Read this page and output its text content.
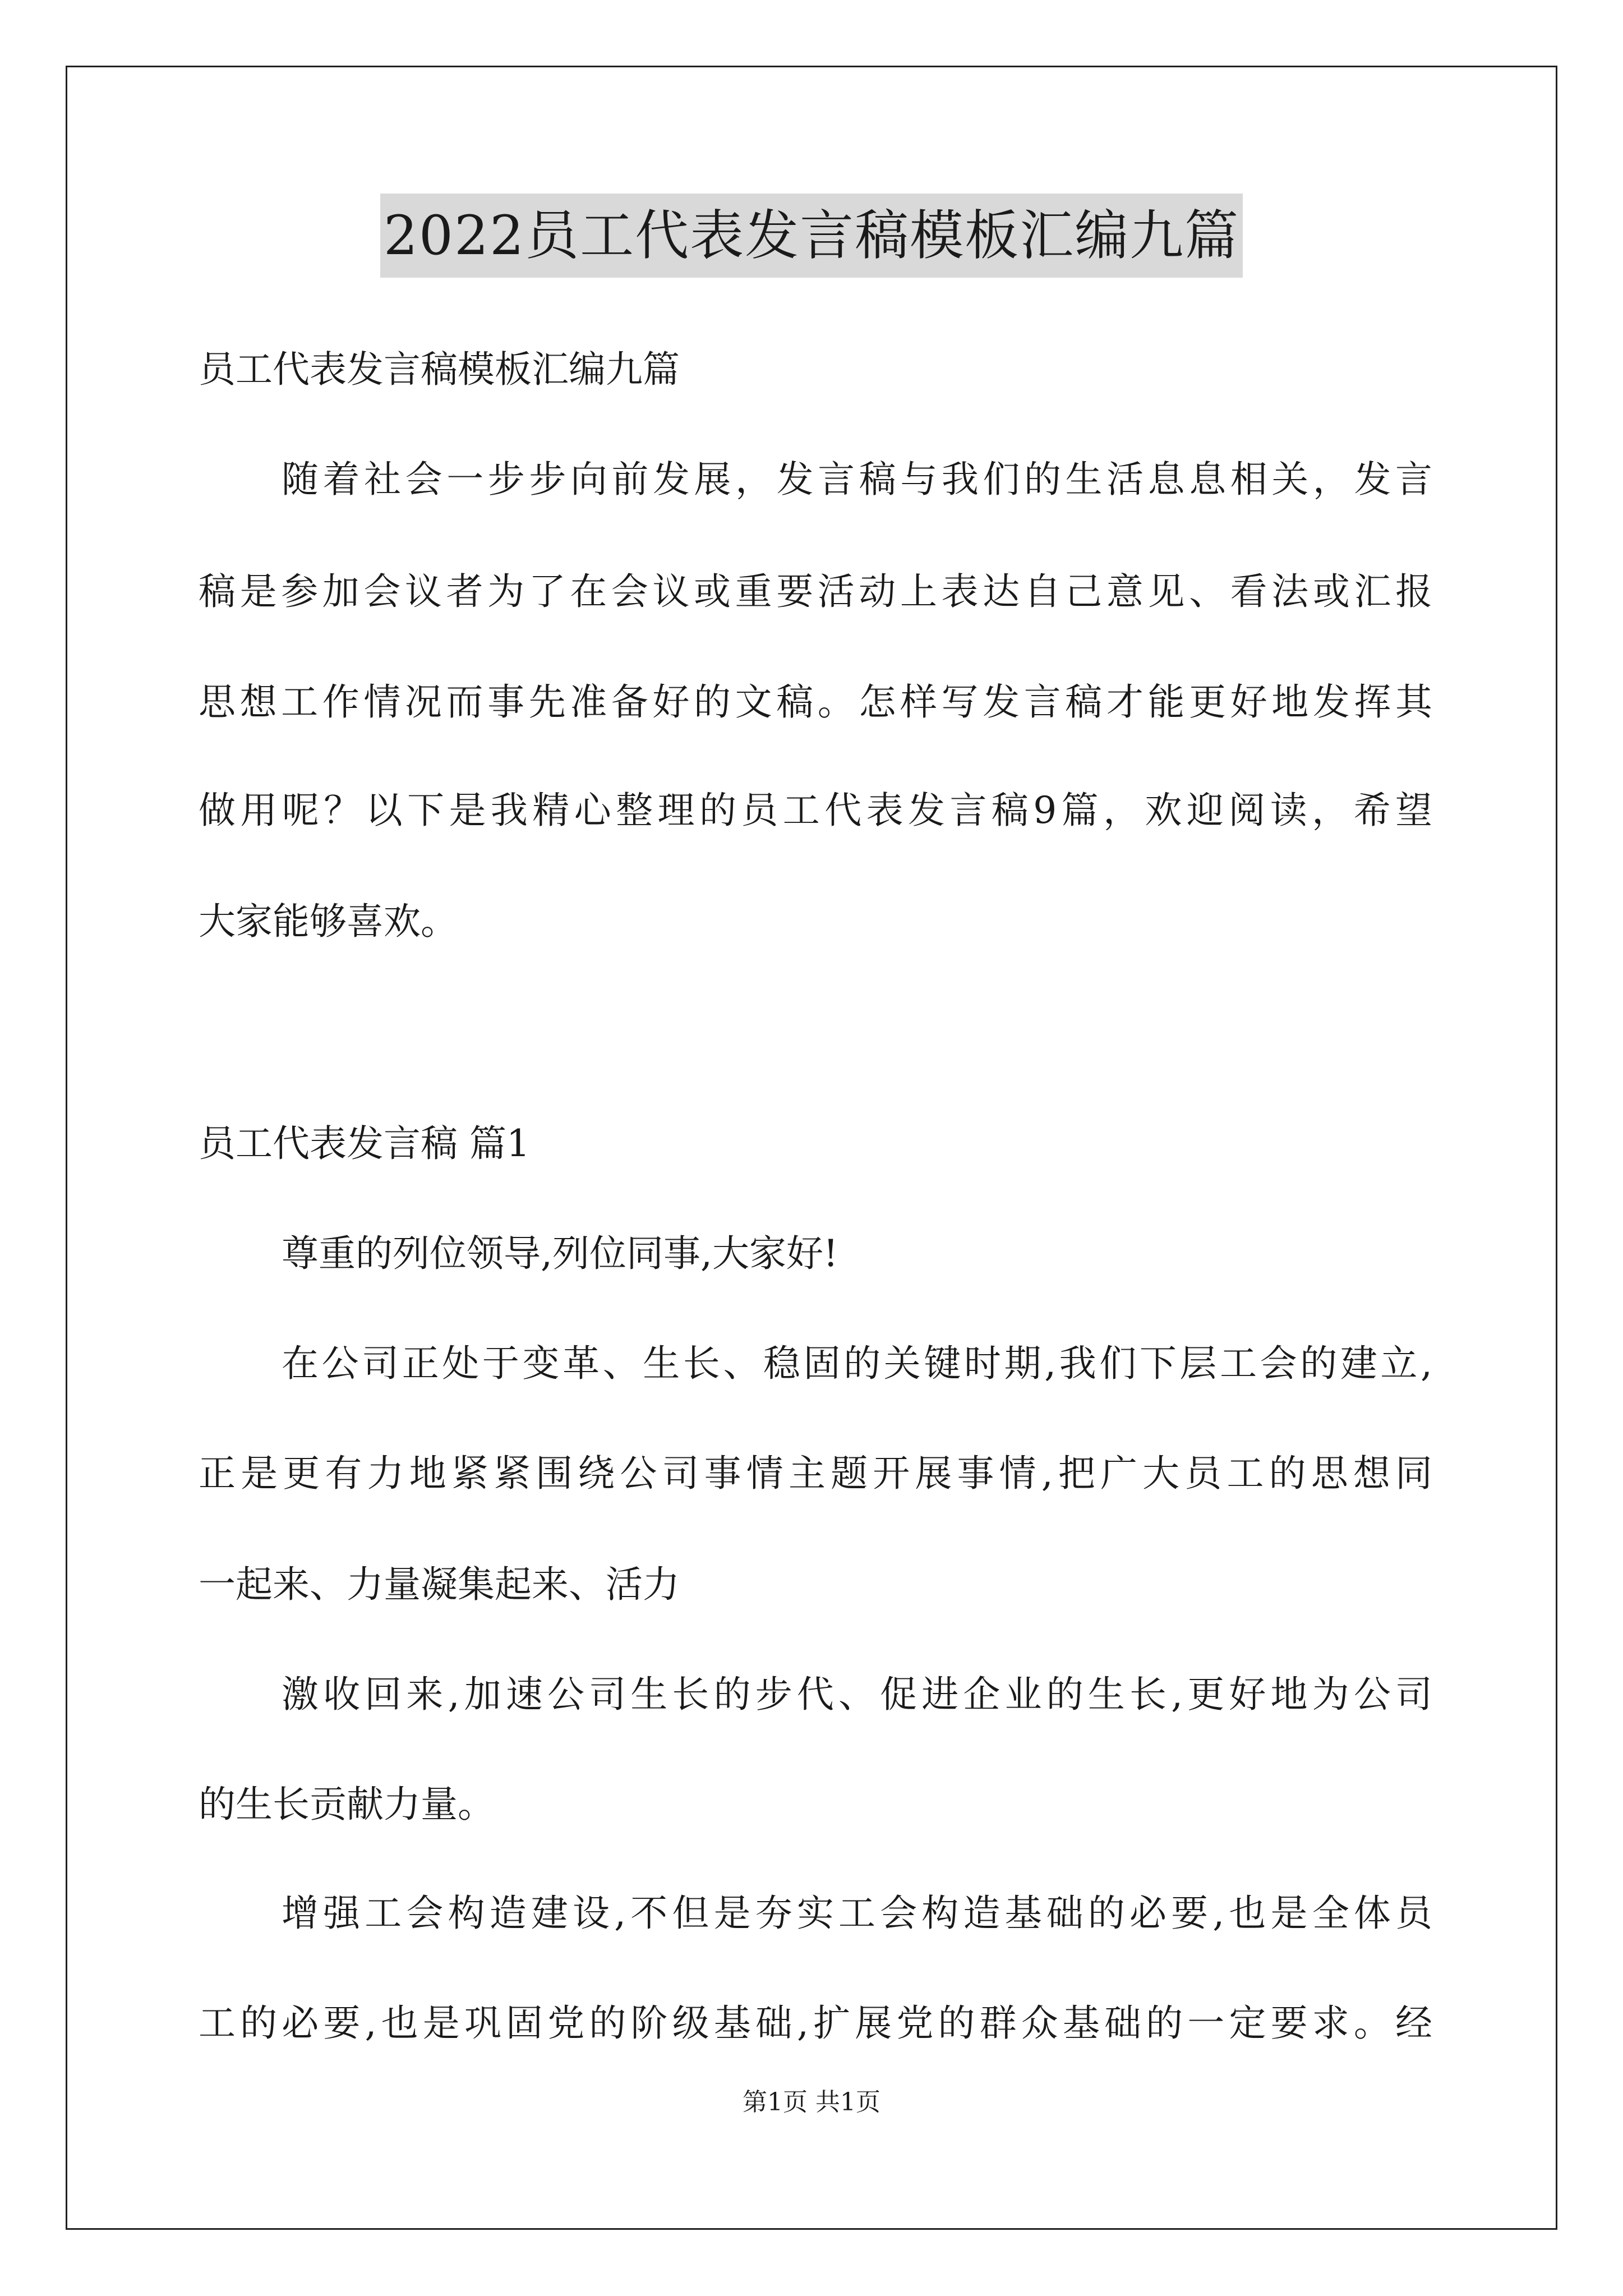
2022员工代表发言稿模板汇编九篇
员工代表发言稿模板汇编九篇
随着社会一步步向前发展，发言稿与我们的生活息息相关，发言
稿是参加会议者为了在会议或重要活动上表达自己意见、看法或汇报
思想工作情况而事先准备好的文稿。怎样写发言稿才能更好地发挥其
做用呢？以下是我精心整理的员工代表发言稿9篇，欢迎阅读，希望
大家能够喜欢。
员工代表发言稿 篇1
尊重的列位领导,列位同事,大家好!
在公司正处于变革、生长、稳固的关键时期,我们下层工会的建立,
正是更有力地紧紧围绕公司事情主题开展事情,把广大员工的思想同
一起来、力量凝集起来、活力
激收回来,加速公司生长的步代、促进企业的生长,更好地为公司
的生长贡献力量。
增强工会构造建设,不但是夯实工会构造基础的必要,也是全体员
工的必要,也是巩固党的阶级基础,扩展党的群众基础的一定要求。经
第1页 共1页
